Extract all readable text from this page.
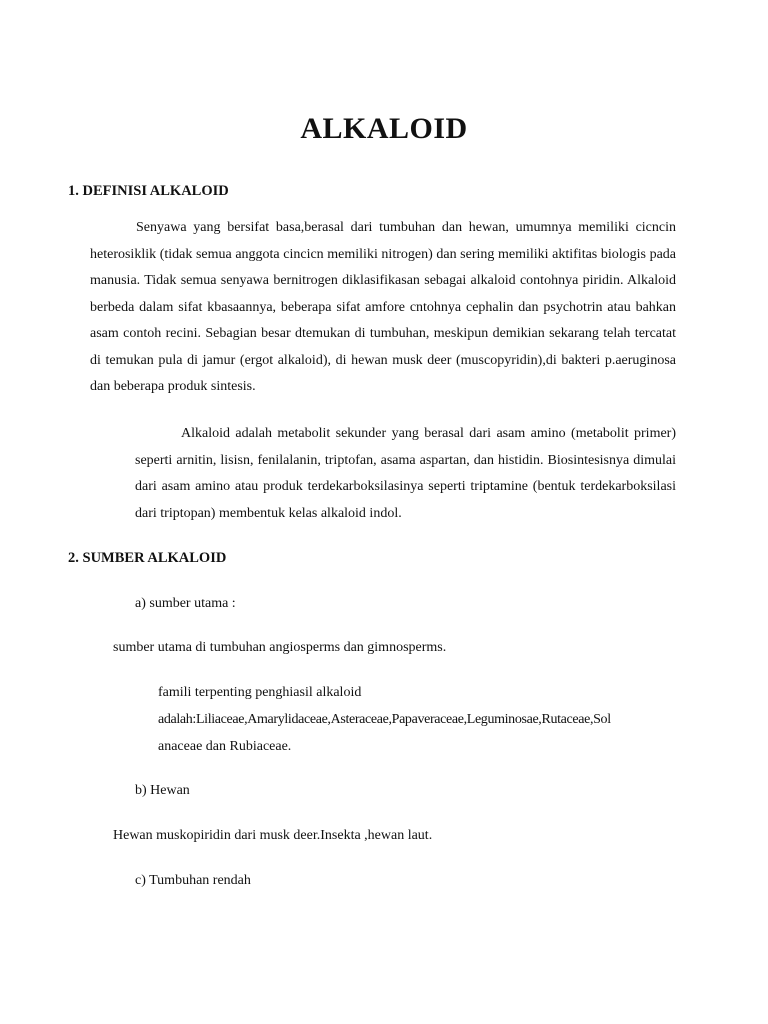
ALKALOID
1. DEFINISI ALKALOID

Senyawa yang bersifat basa,berasal dari tumbuhan dan hewan, umumnya memiliki cicncin heterosiklik (tidak semua anggota cincicn memiliki nitrogen) dan sering memiliki aktifitas biologis pada manusia. Tidak semua senyawa bernitrogen diklasifikasan sebagai alkaloid contohnya piridin. Alkaloid berbeda dalam sifat kbasaannya, beberapa sifat amfore cntohnya cephalin dan psychotrin atau bahkan asam contoh recini. Sebagian besar dtemukan di tumbuhan, meskipun demikian sekarang telah tercatat di temukan pula di jamur (ergot alkaloid), di hewan musk deer (muscopyridin),di bakteri p.aeruginosa dan beberapa produk sintesis.

Alkaloid adalah metabolit sekunder yang berasal dari asam amino (metabolit primer) seperti arnitin, lisisn, fenilalanin, triptofan, asama aspartan, dan histidin. Biosintesisnya dimulai dari asam amino atau produk terdekarboksilasinya seperti triptamine (bentuk terdekarboksilasi dari triptopan) membentuk kelas alkaloid indol.

2. SUMBER ALKALOID

a) sumber utama :

sumber utama di tumbuhan angiosperms dan gimnosperms.

famili terpenting penghiasil alkaloid

adalah:Liliaceae,Amarylidaceae,Asteraceae,Papaveraceae,Leguminosae,Rutaceae,Sol

anaceae dan Rubiaceae.

b) Hewan

Hewan muskopiridin dari musk deer.Insekta ,hewan laut.

c) Tumbuhan rendah
